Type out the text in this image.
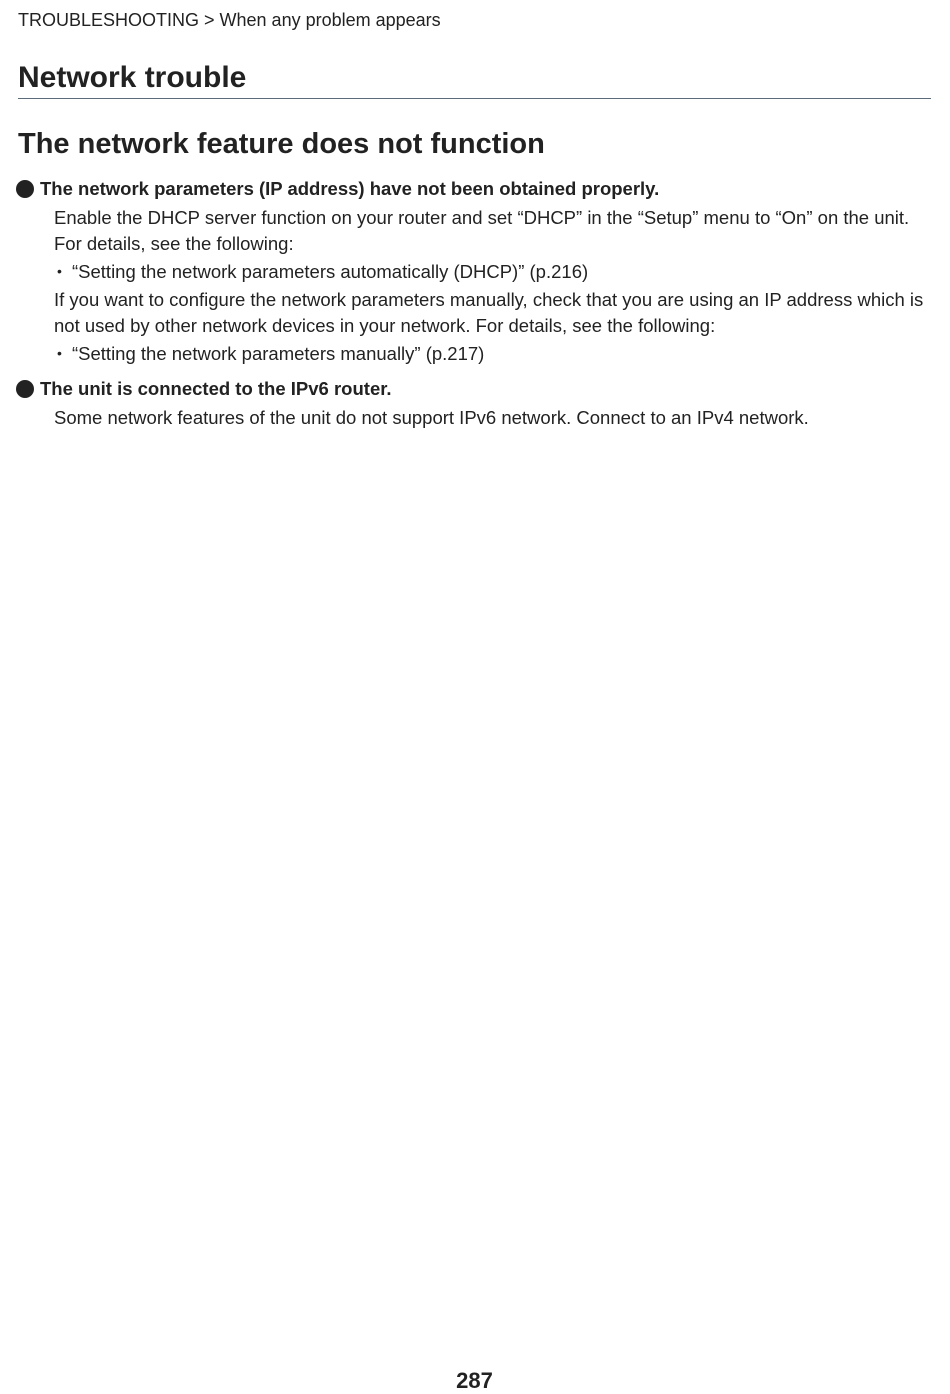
TROUBLESHOOTING > When any problem appears
Network trouble
The network feature does not function
The network parameters (IP address) have not been obtained properly.

Enable the DHCP server function on your router and set “DHCP” in the “Setup” menu to “On” on the unit. For details, see the following:

• “Setting the network parameters automatically (DHCP)” (p.216)

If you want to configure the network parameters manually, check that you are using an IP address which is not used by other network devices in your network. For details, see the following:

• “Setting the network parameters manually” (p.217)
The unit is connected to the IPv6 router.

Some network features of the unit do not support IPv6 network. Connect to an IPv4 network.

287
